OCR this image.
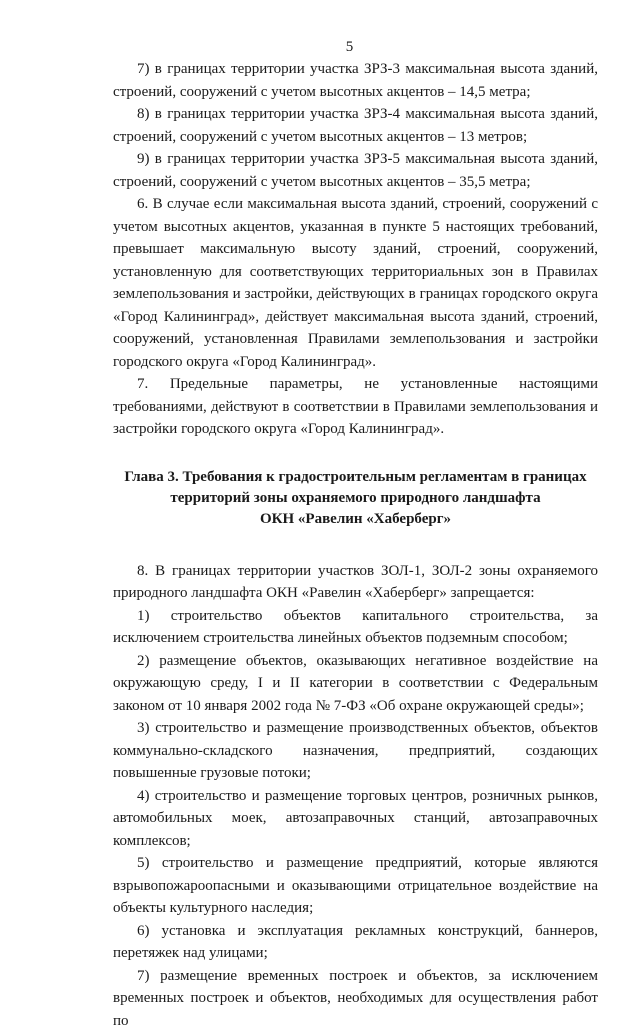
5

7) в границах территории участка ЗРЗ-3 максимальная высота зданий, строений, сооружений с учетом высотных акцентов – 14,5 метра;

8) в границах территории участка ЗРЗ-4 максимальная высота зданий, строений, сооружений с учетом высотных акцентов – 13 метров;

9) в границах территории участка ЗРЗ-5 максимальная высота зданий, строений, сооружений с учетом высотных акцентов – 35,5 метра;

6. В случае если максимальная высота зданий, строений, сооружений с учетом высотных акцентов, указанная в пункте 5 настоящих требований, превышает максимальную высоту зданий, строений, сооружений, установленную для соответствующих территориальных зон в Правилах землепользования и застройки, действующих в границах городского округа «Город Калининград», действует максимальная высота зданий, строений, сооружений, установленная Правилами землепользования и застройки городского округа «Город Калининград».

7. Предельные параметры, не установленные настоящими требованиями, действуют в соответствии в Правилами землепользования и застройки городского округа «Город Калининград».

Глава 3. Требования к градостроительным регламентам в границах
территорий зоны охраняемого природного ландшафта
ОКН «Равелин «Хаберберг»

8. В границах территории участков ЗОЛ-1, ЗОЛ-2 зоны охраняемого природного ландшафта ОКН «Равелин «Хаберберг» запрещается:

1) строительство объектов капитального строительства, за исключением строительства линейных объектов подземным способом;

2) размещение объектов, оказывающих негативное воздействие на окружающую среду, I и II категории в соответствии с Федеральным законом от 10 января 2002 года № 7-ФЗ «Об охране окружающей среды»;

3) строительство и размещение производственных объектов, объектов коммунально-складского назначения, предприятий, создающих повышенные грузовые потоки;

4) строительство и размещение торговых центров, розничных рынков, автомобильных моек, автозаправочных станций, автозаправочных комплексов;

5) строительство и размещение предприятий, которые являются взрывопожароопасными и оказывающими отрицательное воздействие на объекты культурного наследия;

6) установка и эксплуатация рекламных конструкций, баннеров, перетяжек над улицами;

7) размещение временных построек и объектов, за исключением временных построек и объектов, необходимых для осуществления работ по
